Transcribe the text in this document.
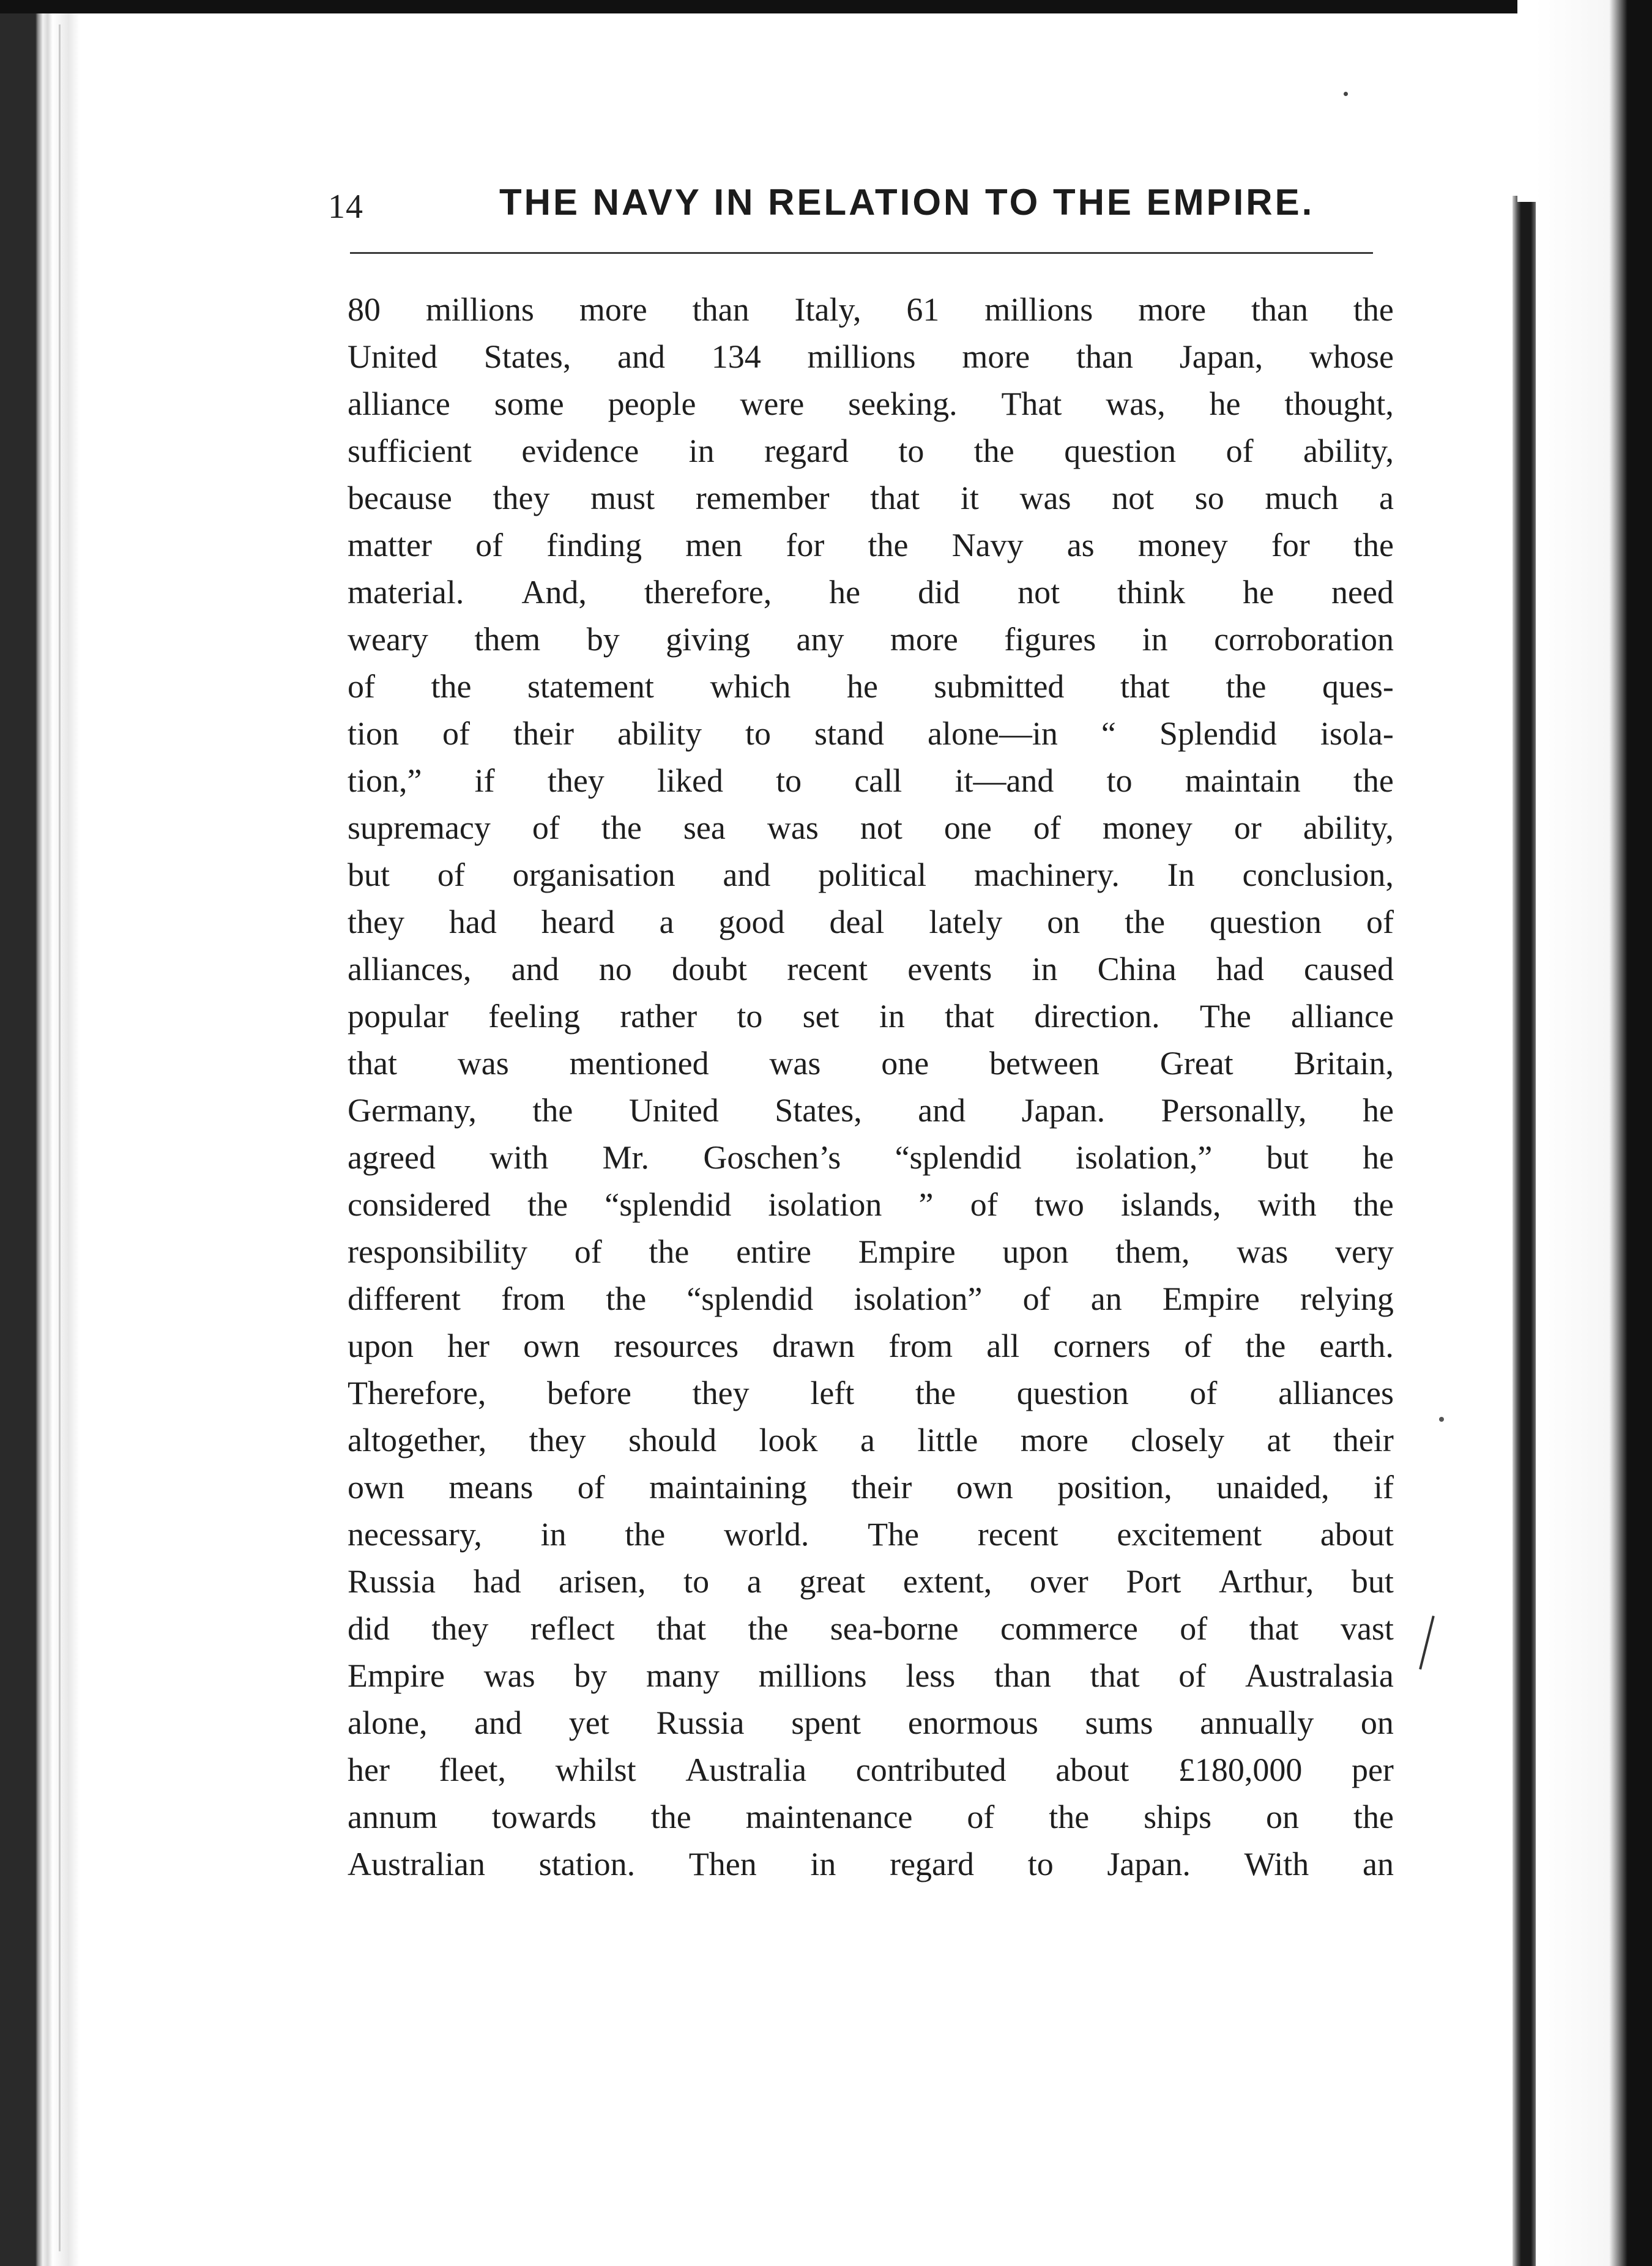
14	THE NAVY IN RELATION TO THE EMPIRE.
80 millions more than Italy, 61 millions more than the
United States, and 134 millions more than Japan, whose
alliance some people were seeking. That was, he thought,
sufficient evidence in regard to the question of ability,
because they must remember that it was not so much a
matter of finding men for the Navy as money for the
material. And, therefore, he did not think he need
weary them by giving any more figures in corroboration
of the statement which he submitted that the ques-
tion of their ability to stand alone—in “ Splendid isola-
tion,” if they liked to call it—and to maintain the
supremacy of the sea was not one of money or ability,
but of organisation and political machinery. In conclusion,
they had heard a good deal lately on the question of
alliances, and no doubt recent events in China had caused
popular feeling rather to set in that direction. The alliance
that was mentioned was one between Great Britain,
Germany, the United States, and Japan. Personally, he
agreed with Mr. Goschen’s “splendid isolation,” but he
considered the “splendid isolation ” of two islands, with the
responsibility of the entire Empire upon them, was very
different from the “splendid isolation” of an Empire relying
upon her own resources drawn from all corners of the earth.
Therefore, before they left the question of alliances
altogether, they should look a little more closely at their
own means of maintaining their own position, unaided, if
necessary, in the world. The recent excitement about
Russia had arisen, to a great extent, over Port Arthur, but
did they reflect that the sea-borne commerce of that vast
Empire was by many millions less than that of Australasia
alone, and yet Russia spent enormous sums annually on
her fleet, whilst Australia contributed about £180,000 per
annum towards the maintenance of the ships on the
Australian station. Then in regard to Japan. With an
